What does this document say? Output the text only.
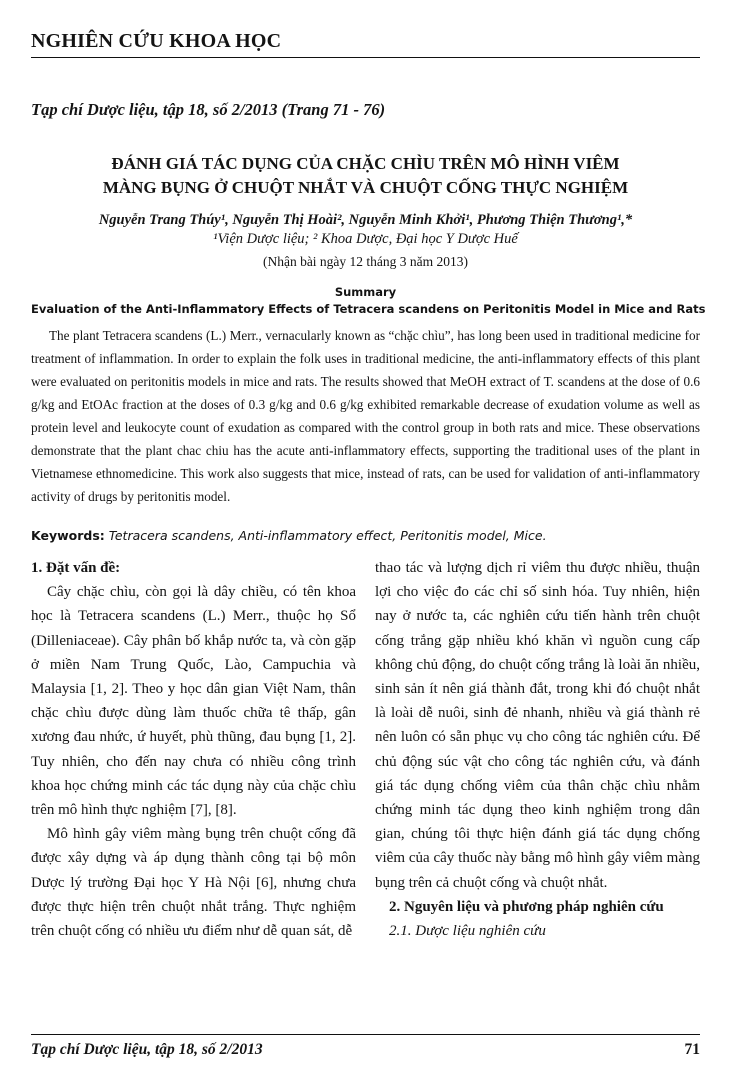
NGHIÊN CỨU KHOA HỌC
Tạp chí Dược liệu, tập 18, số 2/2013 (Trang 71 - 76)
ĐÁNH GIÁ TÁC DỤNG CỦA CHẶC CHÌU TRÊN MÔ HÌNH VIÊM
MÀNG BỤNG Ở CHUỘT NHẮT VÀ CHUỘT CỐNG THỰC NGHIỆM
Nguyễn Trang Thúy¹, Nguyễn Thị Hoài², Nguyễn Minh Khởi¹, Phương Thiện Thương¹,*
¹Viện Dược liệu; ² Khoa Dược, Đại học Y Dược Huế
(Nhận bài ngày 12 tháng 3 năm 2013)
Summary
Evaluation of the Anti-Inflammatory Effects of Tetracera scandens on Peritonitis Model in Mice and Rats
The plant Tetracera scandens (L.) Merr., vernacularly known as “chặc chìu”, has long been used in traditional medicine for treatment of inflammation. In order to explain the folk uses in traditional medicine, the anti-inflammatory effects of this plant were evaluated on peritonitis models in mice and rats. The results showed that MeOH extract of T. scandens at the dose of 0.6 g/kg and EtOAc fraction at the doses of 0.3 g/kg and 0.6 g/kg exhibited remarkable decrease of exudation volume as well as protein level and leukocyte count of exudation as compared with the control group in both rats and mice. These observations demonstrate that the plant chac chiu has the acute anti-inflammatory effects, supporting the traditional uses of the plant in Vietnamese ethnomedicine. This work also suggests that mice, instead of rats, can be used for validation of anti-inflammatory activity of drugs by peritonitis model.
Keywords: Tetracera scandens, Anti-inflammatory effect, Peritonitis model, Mice.
1. Đặt vấn đề:

Cây chặc chìu, còn gọi là dây chiều, có tên khoa học là Tetracera scandens (L.) Merr., thuộc họ Sổ (Dilleniaceae). Cây phân bố khắp nước ta, và còn gặp ở miền Nam Trung Quốc, Lào, Campuchia và Malaysia [1, 2]. Theo y học dân gian Việt Nam, thân chặc chìu được dùng làm thuốc chữa tê thấp, gân xương đau nhức, ứ huyết, phù thũng, đau bụng [1, 2]. Tuy nhiên, cho đến nay chưa có nhiều công trình khoa học chứng minh các tác dụng này của chặc chìu trên mô hình thực nghiệm [7], [8].

Mô hình gây viêm màng bụng trên chuột cống đã được xây dựng và áp dụng thành công tại bộ môn Dược lý trường Đại học Y Hà Nội [6], nhưng chưa được thực hiện trên chuột nhắt trắng. Thực nghiệm trên chuột cống có nhiều ưu điểm như dễ quan sát, dễ

thao tác và lượng dịch rỉ viêm thu được nhiều, thuận lợi cho việc đo các chỉ số sinh hóa. Tuy nhiên, hiện nay ở nước ta, các nghiên cứu tiến hành trên chuột cống trắng gặp nhiều khó khăn vì nguồn cung cấp không chủ động, do chuột cống trắng là loài ăn nhiều, sinh sản ít nên giá thành đắt, trong khi đó chuột nhắt là loài dễ nuôi, sinh đẻ nhanh, nhiều và giá thành rẻ nên luôn có sẵn phục vụ cho công tác nghiên cứu. Để chủ động súc vật cho công tác nghiên cứu, và đánh giá tác dụng chống viêm của thân chặc chìu nhằm chứng minh tác dụng theo kinh nghiệm trong dân gian, chúng tôi thực hiện đánh giá tác dụng chống viêm của cây thuốc này bằng mô hình gây viêm màng bụng trên cả chuột cống và chuột nhắt.

2. Nguyên liệu và phương pháp nghiên cứu

2.1. Dược liệu nghiên cứu

Tạp chí Dược liệu, tập 18, số 2/2013	71
